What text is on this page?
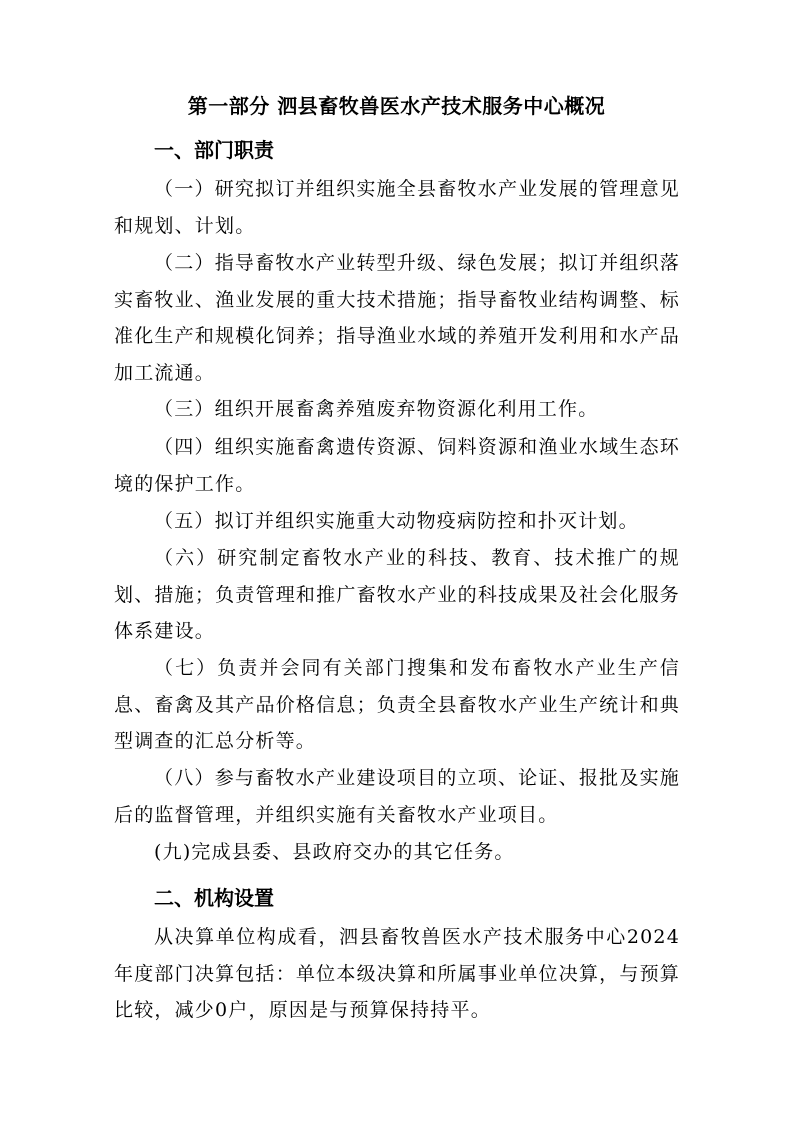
第一部分 泗县畜牧兽医水产技术服务中心概况
一、部门职责
（一）研究拟订并组织实施全县畜牧水产业发展的管理意见和规划、计划。
（二）指导畜牧水产业转型升级、绿色发展；拟订并组织落实畜牧业、渔业发展的重大技术措施；指导畜牧业结构调整、标准化生产和规模化饲养；指导渔业水域的养殖开发利用和水产品加工流通。
（三）组织开展畜禽养殖废弃物资源化利用工作。
（四）组织实施畜禽遗传资源、饲料资源和渔业水域生态环境的保护工作。
（五）拟订并组织实施重大动物疫病防控和扑灭计划。
（六）研究制定畜牧水产业的科技、教育、技术推广的规划、措施；负责管理和推广畜牧水产业的科技成果及社会化服务体系建设。
（七）负责并会同有关部门搜集和发布畜牧水产业生产信息、畜禽及其产品价格信息；负责全县畜牧水产业生产统计和典型调查的汇总分析等。
（八）参与畜牧水产业建设项目的立项、论证、报批及实施后的监督管理，并组织实施有关畜牧水产业项目。
(九)完成县委、县政府交办的其它任务。
二、机构设置
从决算单位构成看，泗县畜牧兽医水产技术服务中心2024年度部门决算包括：单位本级决算和所属事业单位决算，与预算比较，减少0户，原因是与预算保持持平。
